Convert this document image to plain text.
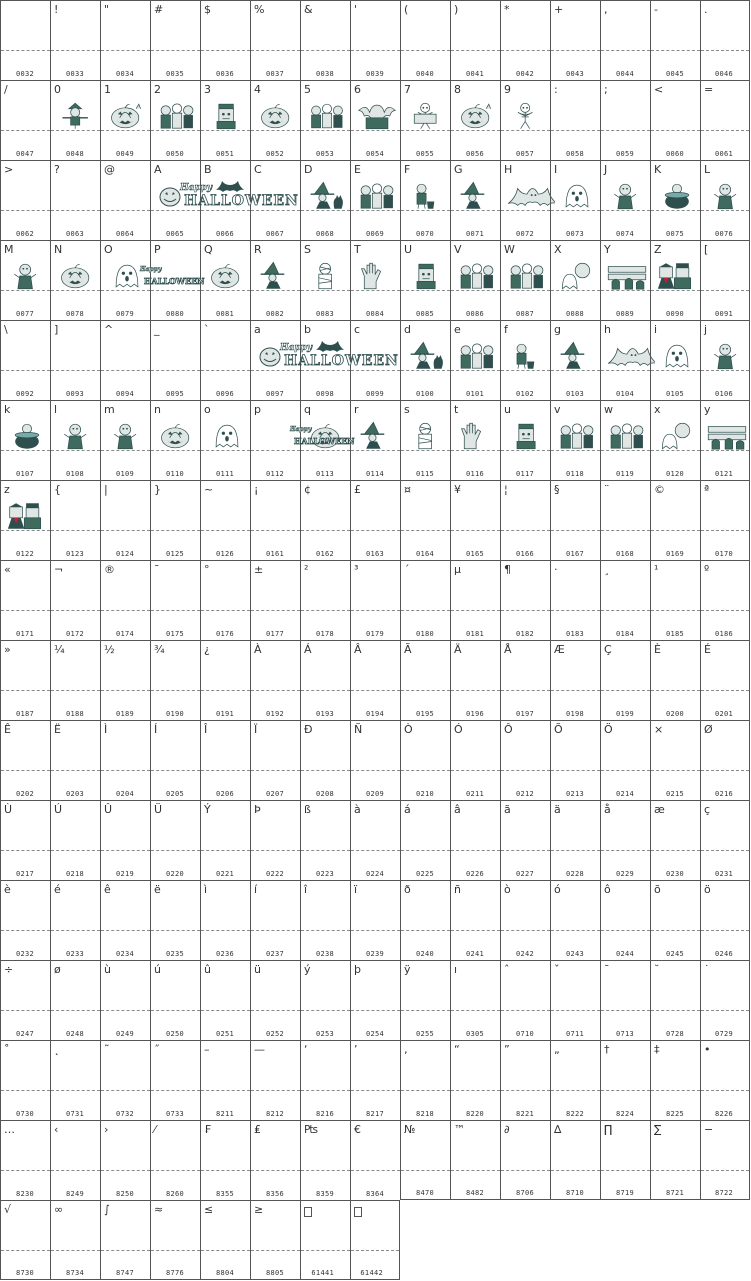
0032
!
0033
"
0034
#
0035
$
0036
%
0037
&
0038
'
0039
(
0040
)
0041
*
0042
+
0043
,
0044
-
0045
.
0046
/
0047
0
0048
1
0049
2
0050
3
0051
4
0052
5
0053
6
0054
7
0055
8
0056
9
0057
:
0058
;
0059
<
0060
=
0061
>
0062
?
0063
@
0064
A
0065
B
0066
C
0067
D
0068
E
0069
F
0070
G
0071
H
0072
I
0073
J
0074
K
0075
L
0076
M
0077
N
0078
O
0079
P
0080
Q
0081
R
0082
S
0083
T
0084
U
0085
V
0086
W
0087
X
0088
Y
0089
Z
0090
[
0091
\
0092
]
0093
^
0094
_
0095
`
0096
a
0097
b
0098
c
0099
d
0100
e
0101
f
0102
g
0103
h
0104
i
0105
j
0106
k
0107
l
0108
m
0109
n
0110
o
0111
p
0112
q
0113
r
0114
s
0115
t
0116
u
0117
v
0118
w
0119
x
0120
y
0121
z
0122
{
0123
|
0124
}
0125
~
0126
¡
0161
¢
0162
£
0163
¤
0164
¥
0165
¦
0166
§
0167
¨
0168
©
0169
ª
0170
«
0171
¬
0172
®
0174
¯
0175
°
0176
±
0177
²
0178
³
0179
´
0180
µ
0181
¶
0182
·
0183
¸
0184
¹
0185
º
0186
»
0187
¼
0188
½
0189
¾
0190
¿
0191
À
0192
Á
0193
Â
0194
Ã
0195
Ä
0196
Å
0197
Æ
0198
Ç
0199
È
0200
É
0201
Ê
0202
Ë
0203
Ì
0204
Í
0205
Î
0206
Ï
0207
Ð
0208
Ñ
0209
Ò
0210
Ó
0211
Ô
0212
Õ
0213
Ö
0214
×
0215
Ø
0216
Ù
0217
Ú
0218
Û
0219
Ü
0220
Ý
0221
Þ
0222
ß
0223
à
0224
á
0225
â
0226
ã
0227
ä
0228
å
0229
æ
0230
ç
0231
è
0232
é
0233
ê
0234
ë
0235
ì
0236
í
0237
î
0238
ï
0239
ð
0240
ñ
0241
ò
0242
ó
0243
ô
0244
õ
0245
ö
0246
÷
0247
ø
0248
ù
0249
ú
0250
û
0251
ü
0252
ý
0253
þ
0254
ÿ
0255
ı
0305
ˆ
0710
ˇ
0711
ˉ
0713
˘
0728
˙
0729
˚
0730
˛
0731
˜
0732
˝
0733
–
8211
—
8212
‘
8216
’
8217
‚
8218
“
8220
”
8221
„
8222
†
8224
‡
8225
•
8226
…
8230
‹
8249
›
8250
⁄
8260
₣
8355
₤
8356
₧
8359
€
8364
№
8470
™
8482
∂
8706
∆
8710
∏
8719
∑
8721
−
8722
√
8730
∞
8734
∫
8747
≈
8776
≤
8804
≥
8805	61441	61442
Happy
HALLOWEEN
Happy
HALLOWEEN
Happy
HALLOWEEN
Happy
HALLOWEEN
